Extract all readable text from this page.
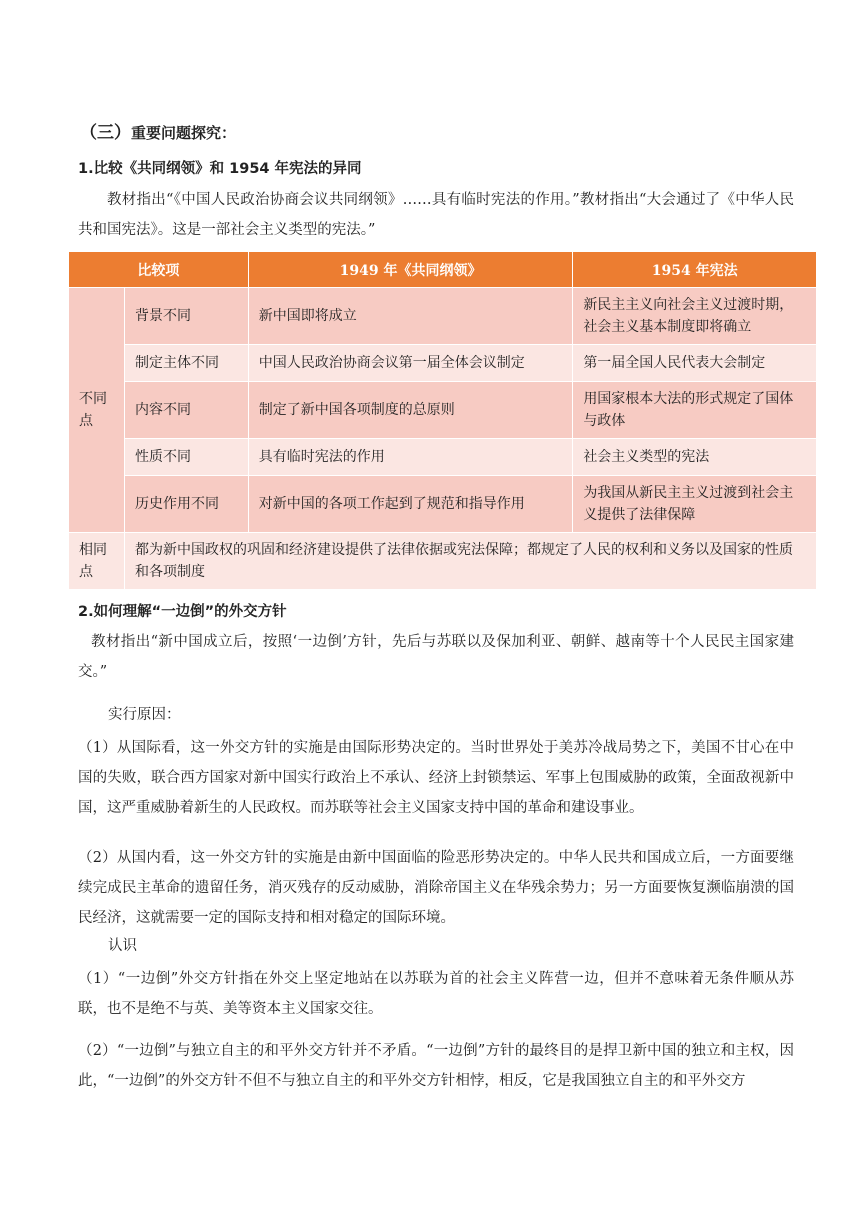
（三）重要问题探究：
1.比较《共同纲领》和 1954 年宪法的异同
教材指出“《中国人民政治协商会议共同纲领》……具有临时宪法的作用。”教材指出“大会通过了《中华人民共和国宪法》。这是一部社会主义类型的宪法。”
比较项		1949 年《共同纲领》	1954 年宪法
不同点	背景不同	新中国即将成立	新民主主义向社会主义过渡时期，社会主义基本制度即将确立
	制定主体不同	中国人民政治协商会议第一届全体会议制定	第一届全国人民代表大会制定
	内容不同	制定了新中国各项制度的总原则	用国家根本大法的形式规定了国体与政体
	性质不同	具有临时宪法的作用	社会主义类型的宪法
	历史作用不同	对新中国的各项工作起到了规范和指导作用	为我国从新民主主义过渡到社会主义提供了法律保障
相同点	都为新中国政权的巩固和经济建设提供了法律依据或宪法保障；都规定了人民的权利和义务以及国家的性质和各项制度		
2.如何理解“一边倒”的外交方针
教材指出“新中国成立后，按照‘一边倒’方针，先后与苏联以及保加利亚、朝鲜、越南等十个人民民主国家建交。”
实行原因：
（1）从国际看，这一外交方针的实施是由国际形势决定的。当时世界处于美苏冷战局势之下，美国不甘心在中国的失败，联合西方国家对新中国实行政治上不承认、经济上封锁禁运、军事上包围威胁的政策，全面敌视新中国，这严重威胁着新生的人民政权。而苏联等社会主义国家支持中国的革命和建设事业。
（2）从国内看，这一外交方针的实施是由新中国面临的险恶形势决定的。中华人民共和国成立后，一方面要继续完成民主革命的遗留任务，消灭残存的反动威胁，消除帝国主义在华残余势力；另一方面要恢复濒临崩溃的国民经济，这就需要一定的国际支持和相对稳定的国际环境。
认识
（1）“一边倒”外交方针指在外交上坚定地站在以苏联为首的社会主义阵营一边，但并不意味着无条件顺从苏联，也不是绝不与英、美等资本主义国家交往。
（2）“一边倒”与独立自主的和平外交方针并不矛盾。“一边倒”方针的最终目的是捍卫新中国的独立和主权，因此，“一边倒”的外交方针不但不与独立自主的和平外交方针相悖，相反，它是我国独立自主的和平外交方
